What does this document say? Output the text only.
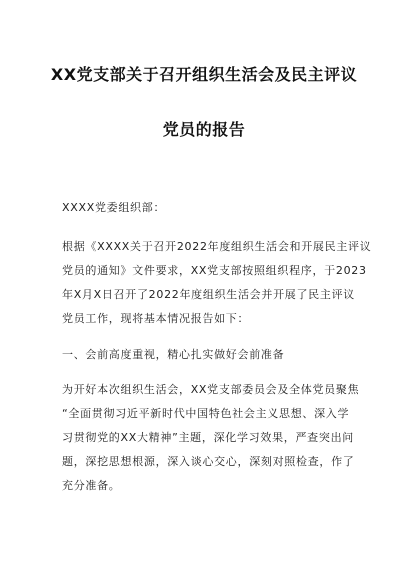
XX党支部关于召开组织生活会及民主评议
党员的报告
XXXX党委组织部：
根据《XXXX关于召开2022年度组织生活会和开展民主评议
党员的通知》文件要求，XX党支部按照组织程序，于2023
年X月X日召开了2022年度组织生活会并开展了民主评议
党员工作，现将基本情况报告如下：
一、会前高度重视，精心扎实做好会前准备
为开好本次组织生活会，XX党支部委员会及全体党员聚焦
“全面贯彻习近平新时代中国特色社会主义思想、深入学
习贯彻党的XX大精神”主题，深化学习效果，严查突出问
题，深挖思想根源，深入谈心交心，深刻对照检查，作了
充分准备。
